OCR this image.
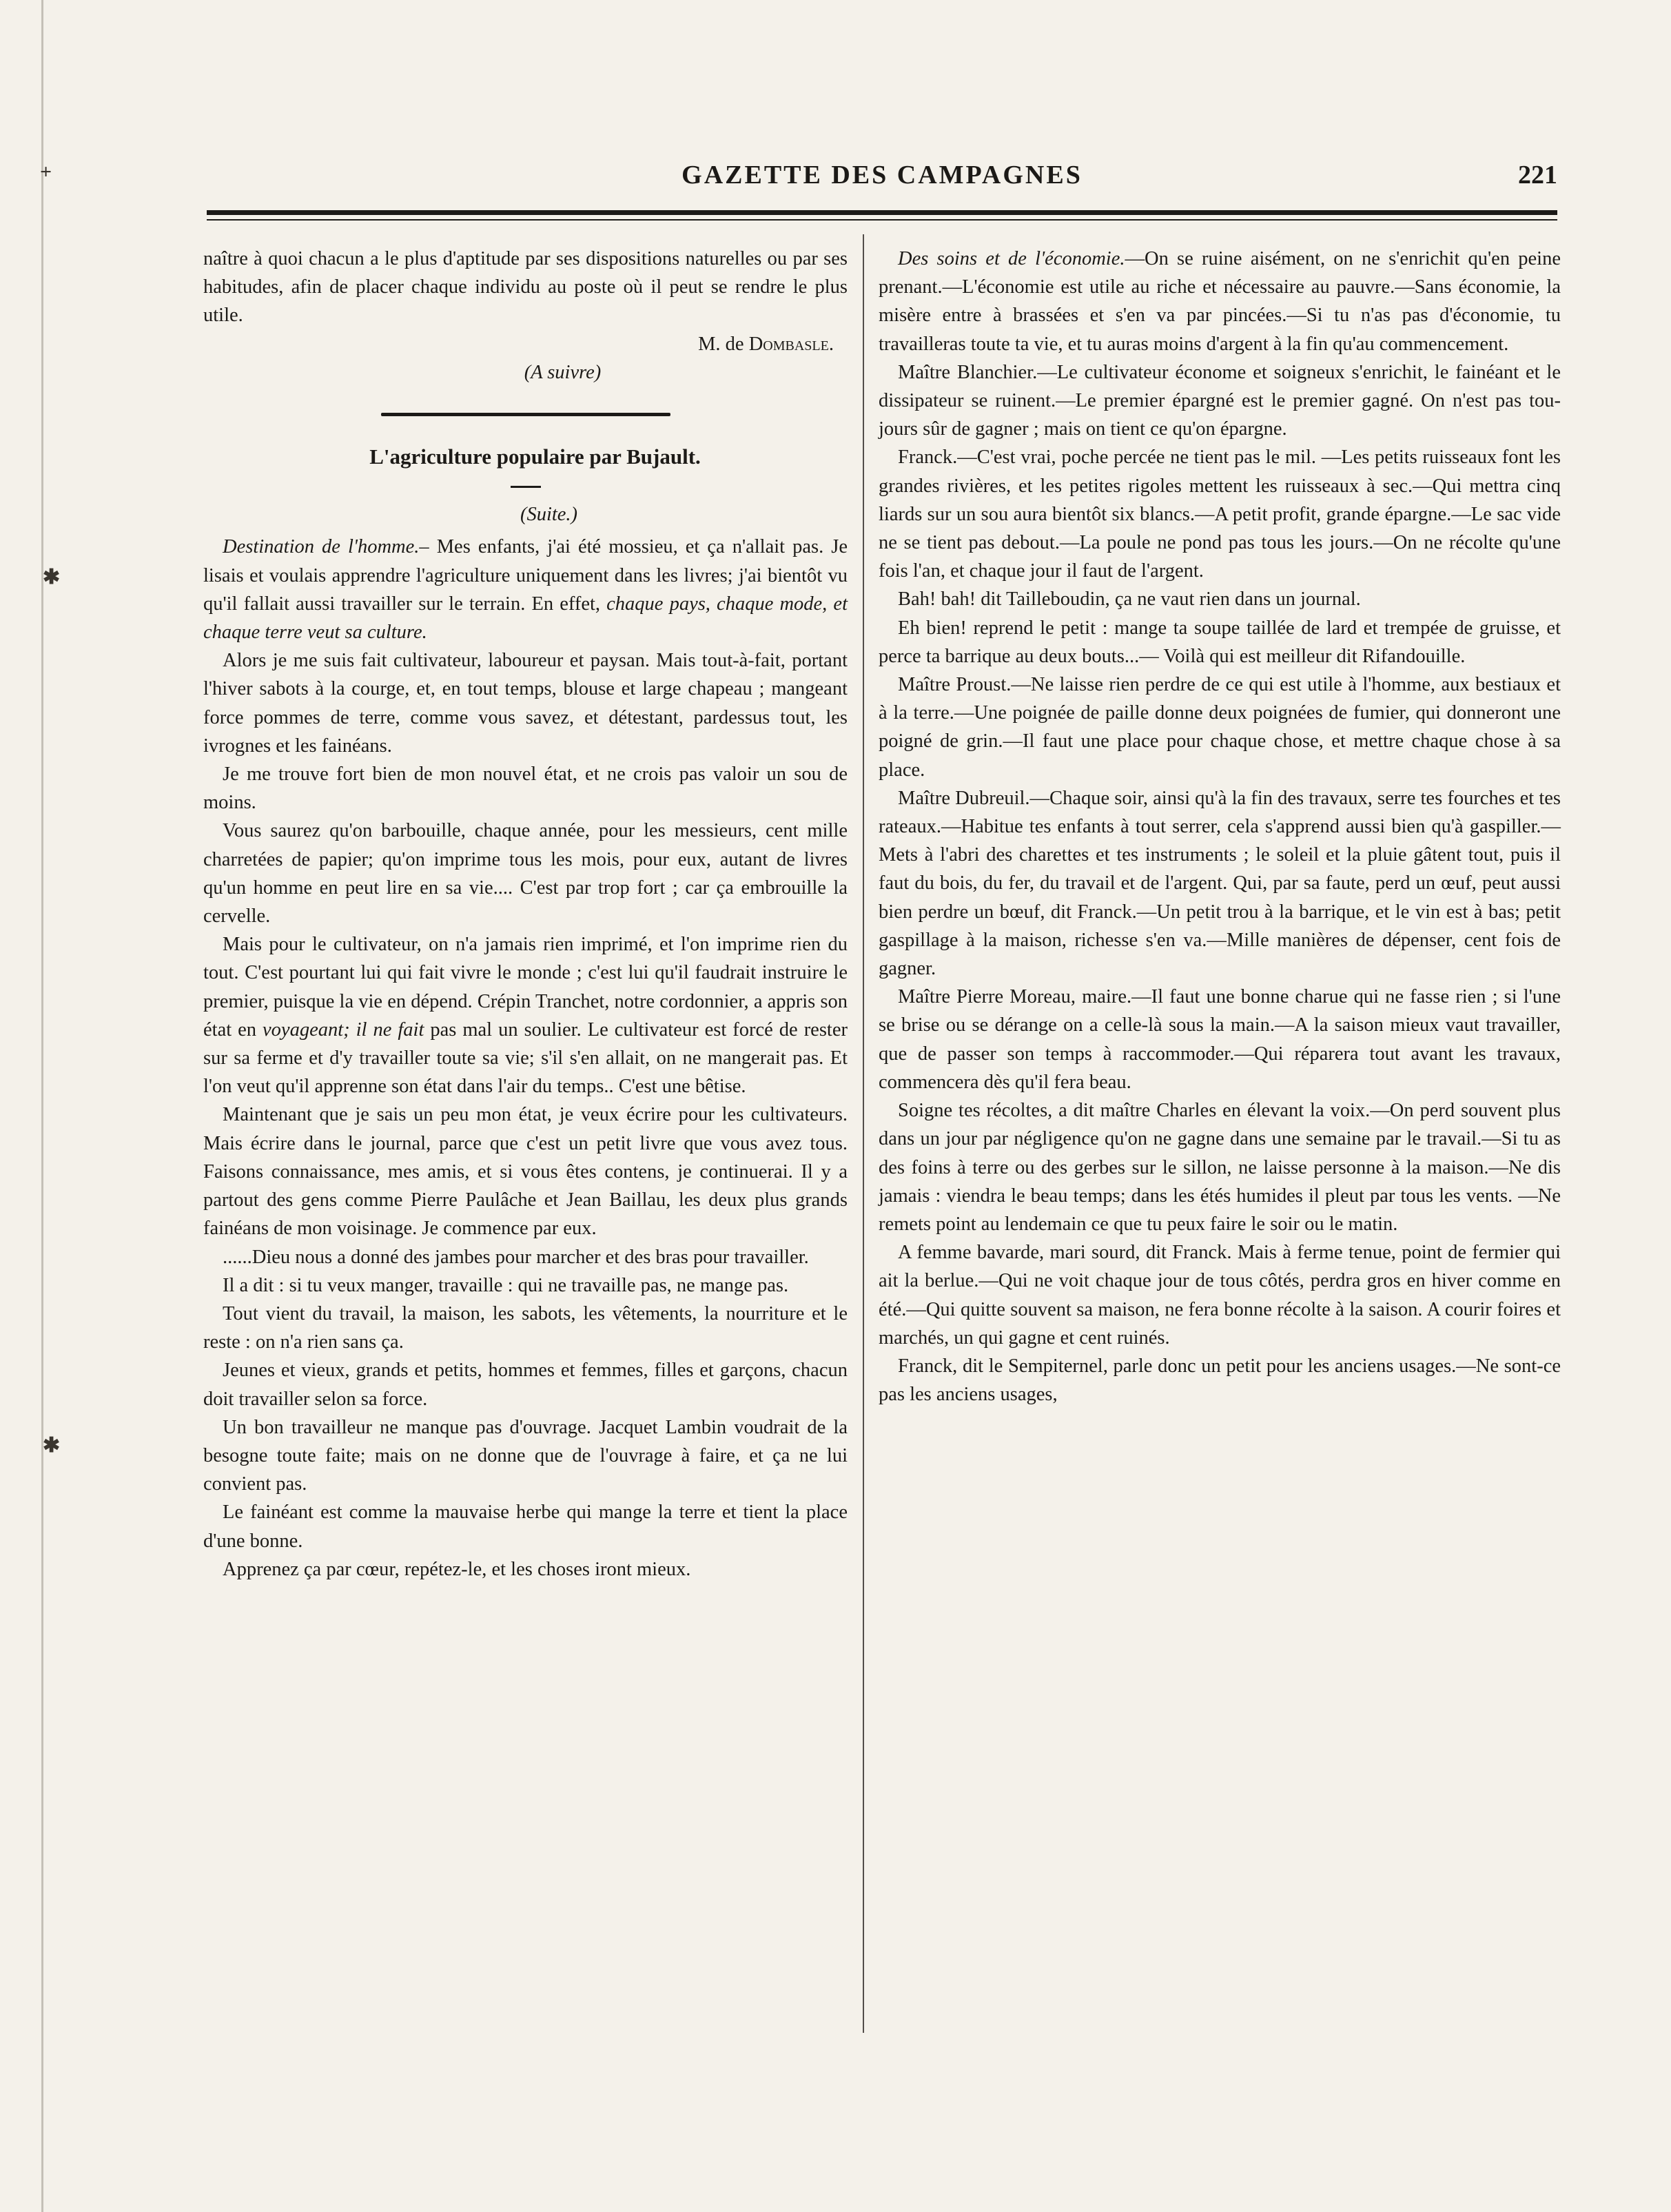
+
✱
✱
GAZETTE DES CAMPAGNES	221

naître à quoi chacun a le plus d'aptitude par ses dispositions naturelles ou par ses habitudes, afin de placer chaque individu au poste où il peut se rendre le plus utile.

M. de Dombasle.

(A suivre)

L'agriculture populaire par Bujault.

(Suite.)

Destination de l'homme.– Mes enfants, j'ai été mossieu, et ça n'allait pas. Je lisais et voulais apprendre l'agriculture uniquement dans les livres; j'ai bientôt vu qu'il fallait aussi travailler sur le terrain. En effet, chaque pays, chaque mode, et chaque terre veut sa culture.

Alors je me suis fait cultivateur, laboureur et paysan. Mais tout-à-fait, portant l'hiver sabots à la courge, et, en tout temps, blouse et large chapeau ; mangeant force pommes de terre, comme vous savez, et détestant, pardessus tout, les ivrognes et les fainéans.

Je me trouve fort bien de mon nouvel état, et ne crois pas valoir un sou de moins.

Vous saurez qu'on barbouille, chaque année, pour les messieurs, cent mille charretées de papier; qu'on imprime tous les mois, pour eux, autant de livres qu'un homme en peut lire en sa vie.... C'est par trop fort ; car ça embrouille la cervelle.

Mais pour le cultivateur, on n'a jamais rien imprimé, et l'on imprime rien du tout. C'est pourtant lui qui fait vivre le monde ; c'est lui qu'il faudrait instruire le premier, puisque la vie en dépend. Crépin Tranchet, notre cordonnier, a appris son état en voyageant; il ne fait pas mal un soulier. Le cultivateur est forcé de rester sur sa ferme et d'y travailler toute sa vie; s'il s'en allait, on ne mangerait pas. Et l'on veut qu'il apprenne son état dans l'air du temps.. C'est une bêtise.

Maintenant que je sais un peu mon état, je veux écrire pour les cultivateurs. Mais écrire dans le journal, parce que c'est un petit livre que vous avez tous. Faisons connaissance, mes amis, et si vous êtes contens, je continuerai. Il y a partout des gens comme Pierre Paulâche et Jean Baillau, les deux plus grands fainéans de mon voisinage. Je commence par eux.

......Dieu nous a donné des jambes pour marcher et des bras pour travailler.

Il a dit : si tu veux manger, travaille : qui ne travaille pas, ne mange pas.

Tout vient du travail, la maison, les sabots, les vêtements, la nourriture et le reste : on n'a rien sans ça.

Jeunes et vieux, grands et petits, hommes et femmes, filles et garçons, chacun doit travailler selon sa force.

Un bon travailleur ne manque pas d'ouvrage. Jacquet Lambin voudrait de la besogne toute faite; mais on ne donne que de l'ouvrage à faire, et ça ne lui convient pas.

Le fainéant est comme la mauvaise herbe qui mange la terre et tient la place d'une bonne.

Apprenez ça par cœur, repétez-le, et les choses iront mieux.

Des soins et de l'économie.—On se ruine aisément, on ne s'enrichit qu'en peine prenant.—L'économie est utile au riche et nécessaire au pauvre.—Sans économie, la misère entre à brassées et s'en va par pincées.—Si tu n'as pas d'économie, tu travailleras toute ta vie, et tu auras moins d'argent à la fin qu'au commencement.

Maître Blanchier.—Le cultivateur économe et soigneux s'enrichit, le fainéant et le dissipateur se ruinent.—Le premier épargné est le premier gagné. On n'est pas toujours sûr de gagner ; mais on tient ce qu'on épargne.

Franck.—C'est vrai, poche percée ne tient pas le mil. —Les petits ruisseaux font les grandes rivières, et les petites rigoles mettent les ruisseaux à sec.—Qui mettra cinq liards sur un sou aura bientôt six blancs.—A petit profit, grande épargne.—Le sac vide ne se tient pas debout.—La poule ne pond pas tous les jours.—On ne récolte qu'une fois l'an, et chaque jour il faut de l'argent.

Bah! bah! dit Tailleboudin, ça ne vaut rien dans un journal.

Eh bien! reprend le petit : mange ta soupe taillée de lard et trempée de gruisse, et perce ta barrique au deux bouts...— Voilà qui est meilleur dit Rifandouille.

Maître Proust.—Ne laisse rien perdre de ce qui est utile à l'homme, aux bestiaux et à la terre.—Une poignée de paille donne deux poignées de fumier, qui donneront une poigné de grin.—Il faut une place pour chaque chose, et mettre chaque chose à sa place.

Maître Dubreuil.—Chaque soir, ainsi qu'à la fin des travaux, serre tes fourches et tes rateaux.—Habitue tes enfants à tout serrer, cela s'apprend aussi bien qu'à gaspiller.—Mets à l'abri des charettes et tes instruments ; le soleil et la pluie gâtent tout, puis il faut du bois, du fer, du travail et de l'argent. Qui, par sa faute, perd un œuf, peut aussi bien perdre un bœuf, dit Franck.—Un petit trou à la barrique, et le vin est à bas; petit gaspillage à la maison, richesse s'en va.—Mille manières de dépenser, cent fois de gagner.

Maître Pierre Moreau, maire.—Il faut une bonne charue qui ne fasse rien ; si l'une se brise ou se dérange on a celle-là sous la main.—A la saison mieux vaut travailler, que de passer son temps à raccommoder.—Qui réparera tout avant les travaux, commencera dès qu'il fera beau.

Soigne tes récoltes, a dit maître Charles en élevant la voix.—On perd souvent plus dans un jour par négligence qu'on ne gagne dans une semaine par le travail.—Si tu as des foins à terre ou des gerbes sur le sillon, ne laisse personne à la maison.—Ne dis jamais : viendra le beau temps; dans les étés humides il pleut par tous les vents. —Ne remets point au lendemain ce que tu peux faire le soir ou le matin.

A femme bavarde, mari sourd, dit Franck. Mais à ferme tenue, point de fermier qui ait la berlue.—Qui ne voit chaque jour de tous côtés, perdra gros en hiver comme en été.—Qui quitte souvent sa maison, ne fera bonne récolte à la saison. A courir foires et marchés, un qui gagne et cent ruinés.

Franck, dit le Sempiternel, parle donc un petit pour les anciens usages.—Ne sont-ce pas les anciens usages,
